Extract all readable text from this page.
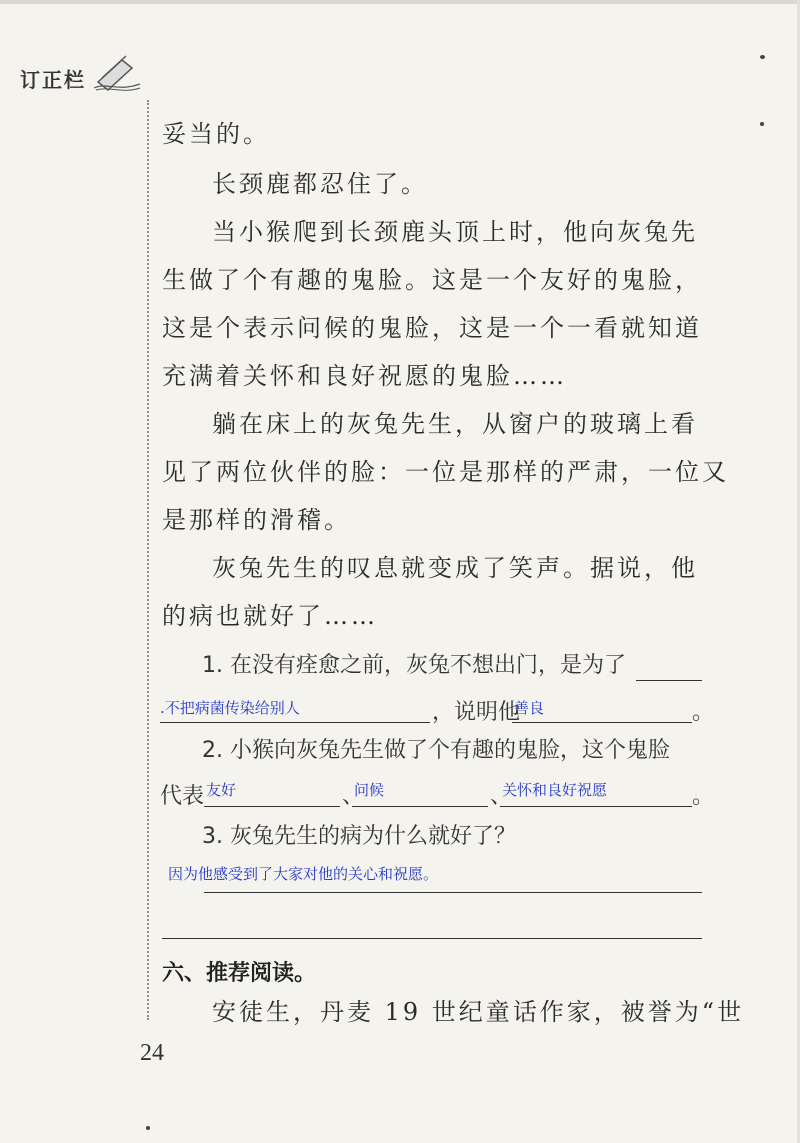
订正栏
妥当的。
长颈鹿都忍住了。
当小猴爬到长颈鹿头顶上时，他向灰兔先
生做了个有趣的鬼脸。这是一个友好的鬼脸，
这是个表示问候的鬼脸，这是一个一看就知道
充满着关怀和良好祝愿的鬼脸……
躺在床上的灰兔先生，从窗户的玻璃上看
见了两位伙伴的脸：一位是那样的严肃，一位又
是那样的滑稽。
灰兔先生的叹息就变成了笑声。据说，他
的病也就好了……
1. 在没有痊愈之前，灰兔不想出门，是为了
.不把病菌传染给别人	，说明他
善良	。
2. 小猴向灰兔先生做了个有趣的鬼脸，这个鬼脸
代表 友好	、
问候	、
关怀和良好祝愿	。
3. 灰兔先生的病为什么就好了？
因为他感受到了大家对他的关心和祝愿。
六、推荐阅读。
安徒生，丹麦 19 世纪童话作家，被誉为“世
24
